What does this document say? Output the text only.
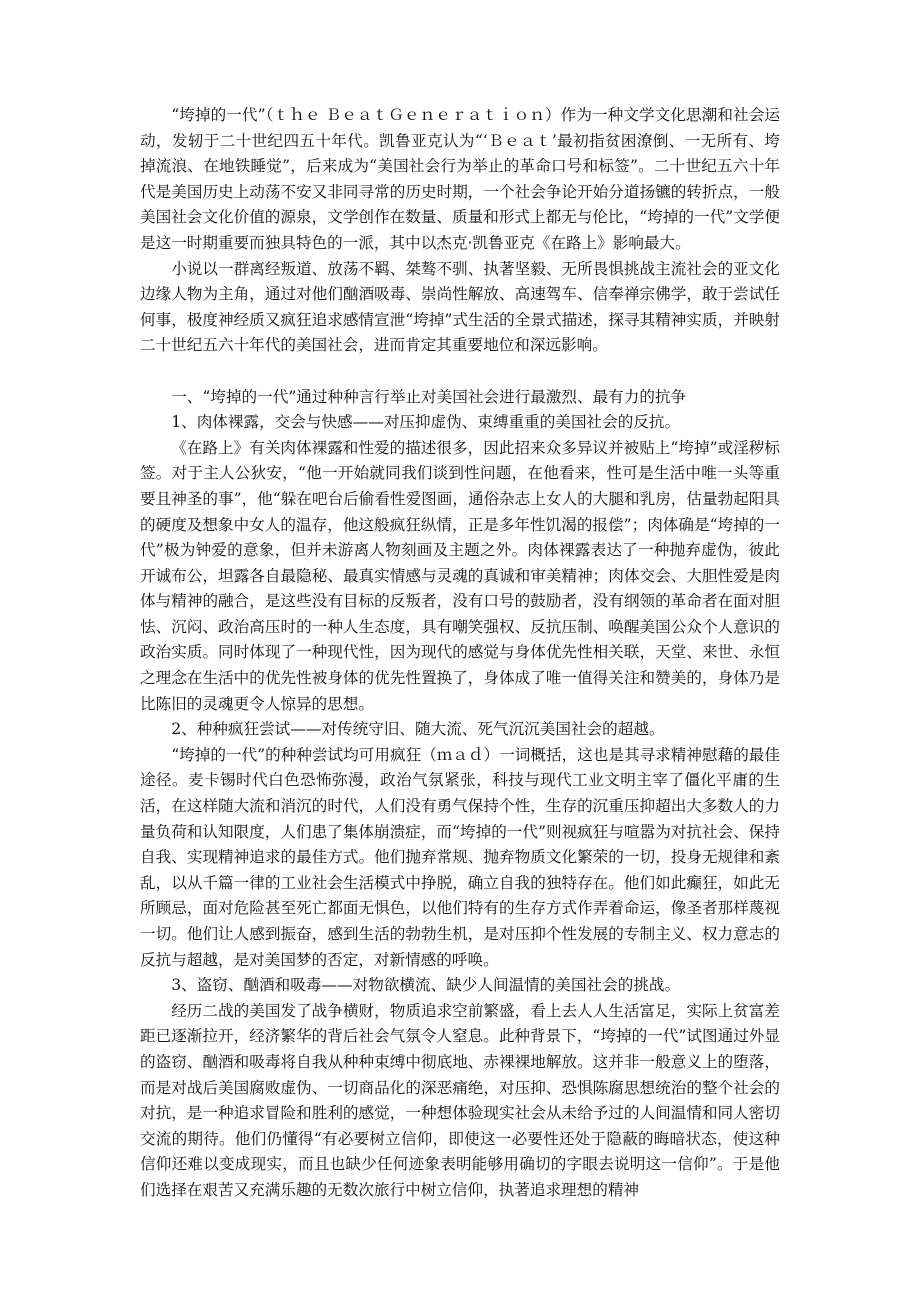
“垮掉的一代”（ｔｈｅ ＢｅａｔＧｅｎｅｒａｔｉｏｎ）作为一种文学文化思潮和社会运动，发轫于二十世纪四五十年代。凯鲁亚克认为“‘Ｂｅａｔ’最初指贫困潦倒、一无所有、垮掉流浪、在地铁睡觉”，后来成为“美国社会行为举止的革命口号和标签”。二十世纪五六十年代是美国历史上动荡不安又非同寻常的历史时期，一个社会争论开始分道扬镳的转折点，一般美国社会文化价值的源泉，文学创作在数量、质量和形式上都无与伦比，“垮掉的一代”文学便是这一时期重要而独具特色的一派，其中以杰克·凯鲁亚克《在路上》影响最大。

小说以一群离经叛道、放荡不羁、桀骜不驯、执著坚毅、无所畏惧挑战主流社会的亚文化边缘人物为主角，通过对他们酗酒吸毒、崇尚性解放、高速驾车、信奉禅宗佛学，敢于尝试任何事，极度神经质又疯狂追求感情宣泄“垮掉”式生活的全景式描述，探寻其精神实质，并映射二十世纪五六十年代的美国社会，进而肯定其重要地位和深远影响。

一、“垮掉的一代”通过种种言行举止对美国社会进行最激烈、最有力的抗争

1、肉体裸露，交会与快感——对压抑虚伪、束缚重重的美国社会的反抗。

《在路上》有关肉体裸露和性爱的描述很多，因此招来众多异议并被贴上“垮掉”或淫秽标签。对于主人公狄安，“他一开始就同我们谈到性问题，在他看来，性可是生活中唯一头等重要且神圣的事”，他“躲在吧台后偷看性爱图画，通俗杂志上女人的大腿和乳房，估量勃起阳具的硬度及想象中女人的温存，他这般疯狂纵情，正是多年性饥渴的报偿”；肉体确是“垮掉的一代”极为钟爱的意象，但并未游离人物刻画及主题之外。肉体裸露表达了一种抛弃虚伪，彼此开诚布公，坦露各自最隐秘、最真实情感与灵魂的真诚和审美精神；肉体交会、大胆性爱是肉体与精神的融合，是这些没有目标的反叛者，没有口号的鼓励者，没有纲领的革命者在面对胆怯、沉闷、政治高压时的一种人生态度，具有嘲笑强权、反抗压制、唤醒美国公众个人意识的政治实质。同时体现了一种现代性，因为现代的感觉与身体优先性相关联，天堂、来世、永恒之理念在生活中的优先性被身体的优先性置换了，身体成了唯一值得关注和赞美的，身体乃是比陈旧的灵魂更令人惊异的思想。

2、种种疯狂尝试——对传统守旧、随大流、死气沉沉美国社会的超越。

“垮掉的一代”的种种尝试均可用疯狂（ｍａｄ）一词概括，这也是其寻求精神慰藉的最佳途径。麦卡锡时代白色恐怖弥漫，政治气氛紧张，科技与现代工业文明主宰了僵化平庸的生活，在这样随大流和消沉的时代，人们没有勇气保持个性，生存的沉重压抑超出大多数人的力量负荷和认知限度，人们患了集体崩溃症，而“垮掉的一代”则视疯狂与喧嚣为对抗社会、保持自我、实现精神追求的最佳方式。他们抛弃常规、抛弃物质文化繁荣的一切，投身无规律和紊乱，以从千篇一律的工业社会生活模式中挣脱，确立自我的独特存在。他们如此癫狂，如此无所顾忌，面对危险甚至死亡都面无惧色，以他们特有的生存方式作弄着命运，像圣者那样蔑视一切。他们让人感到振奋，感到生活的勃勃生机，是对压抑个性发展的专制主义、权力意志的反抗与超越，是对美国梦的否定，对新情感的呼唤。

3、盗窃、酗酒和吸毒——对物欲横流、缺少人间温情的美国社会的挑战。

经历二战的美国发了战争横财，物质追求空前繁盛，看上去人人生活富足，实际上贫富差距已逐渐拉开，经济繁华的背后社会气氛令人窒息。此种背景下，“垮掉的一代”试图通过外显的盗窃、酗酒和吸毒将自我从种种束缚中彻底地、赤裸裸地解放。这并非一般意义上的堕落，而是对战后美国腐败虚伪、一切商品化的深恶痛绝，对压抑、恐惧陈腐思想统治的整个社会的对抗，是一种追求冒险和胜利的感觉，一种想体验现实社会从未给予过的人间温情和同人密切交流的期待。他们仍懂得“有必要树立信仰，即使这一必要性还处于隐蔽的晦暗状态，使这种信仰还难以变成现实，而且也缺少任何迹象表明能够用确切的字眼去说明这一信仰”。于是他们选择在艰苦又充满乐趣的无数次旅行中树立信仰，执著追求理想的精神
